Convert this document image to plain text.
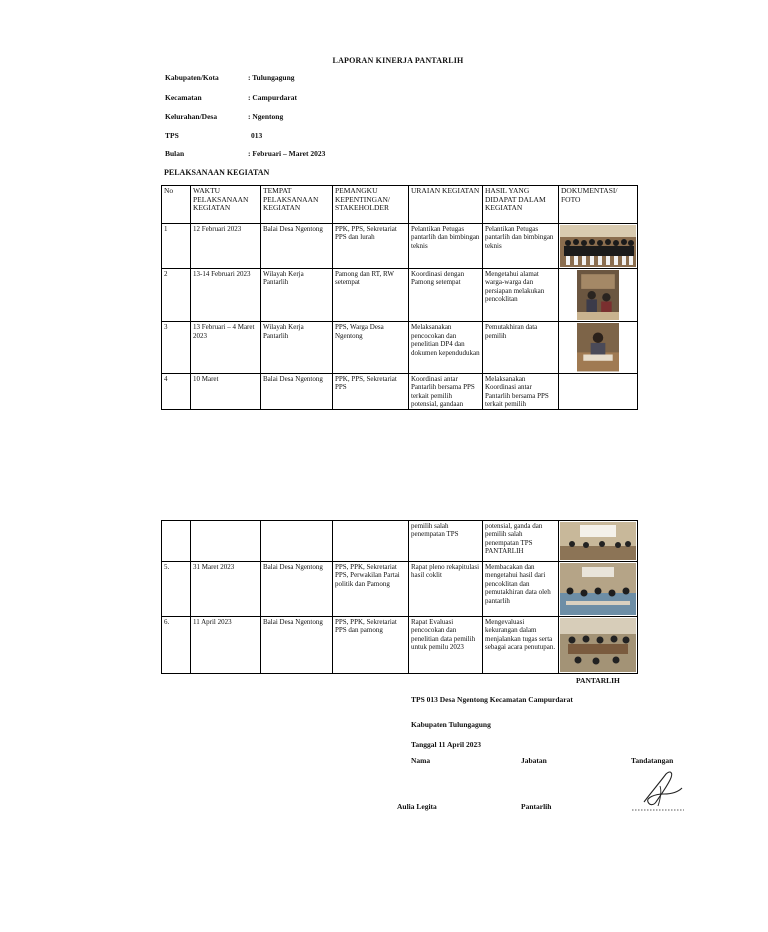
LAPORAN KINERJA PANTARLIH
Kabupaten/Kota	: Tulungagung
Kecamatan	: Campurdarat
Kelurahan/Desa	: Ngentong
TPS	013
Bulan	: Februari – Maret 2023
PELAKSANAAN KEGIATAN
No	WAKTU PELAKSANAAN KEGIATAN	TEMPAT PELAKSANAAN KEGIATAN	PEMANGKU KEPENTINGAN/ STAKEHOLDER	URAIAN KEGIATAN	HASIL YANG DIDAPAT DALAM KEGIATAN	DOKUMENTASI/ FOTO
1	12 Februari 2023	Balai Desa Ngentong	PPK, PPS, Sekretariat PPS dan lurah	Pelantikan Petugas pantarlih dan bimbingan teknis	Pelantikan Petugas pantarlih dan bimbingan teknis	

2	13-14 Februari 2023	Wilayah Kerja Pantarlih	Pamong dan RT, RW setempat	Koordinasi dengan Pamong setempat	Mengetahui alamat warga-warga dan persiapan melakukan pencoklitan	

3	13 Februari – 4 Maret 2023	Wilayah Kerja Pantarlih	PPS, Warga Desa Ngentong	Melaksanakan pencocokan dan penelitian DP4 dan dokumen kependudukan	Pemutakhiran data pemilih	

4	10 Maret	Balai Desa Ngentong	PPK, PPS, Sekretariat PPS	Koordinasi antar Pantarlih bersama PPS terkait pemilih potensial, gandaan	Melaksanakan Koordinasi antar Pantarlih bersama PPS terkait pemilih	
				pemilih salah penempatan TPS	potensial, ganda dan pemilih salah penempatan TPS PANTARLIH	

5.	31 Maret 2023	Balai Desa Ngentong	PPS, PPK, Sekretariat PPS, Perwakilan Partai politik dan Pamong	Rapat pleno rekapitulasi hasil coklit	Membacakan dan mengetahui hasil dari pencoklitan dan pemutakhiran data oleh pantarlih	

6.	11 April 2023	Balai Desa Ngentong	PPS, PPK, Sekretariat PPS dan pamong	Rapat Evaluasi pencocokan dan penelitian data pemilih untuk pemilu 2023	Mengevaluasi kekurangan dalam menjalankan tugas serta sebagai acara penutupan.	
PANTARLIH
TPS 013 Desa Ngentong Kecamatan Campurdarat
Kabupaten Tulungagung
Tanggal 11 April 2023
Nama	Jabatan	Tandatangan
Aulia Legita	Pantarlih
